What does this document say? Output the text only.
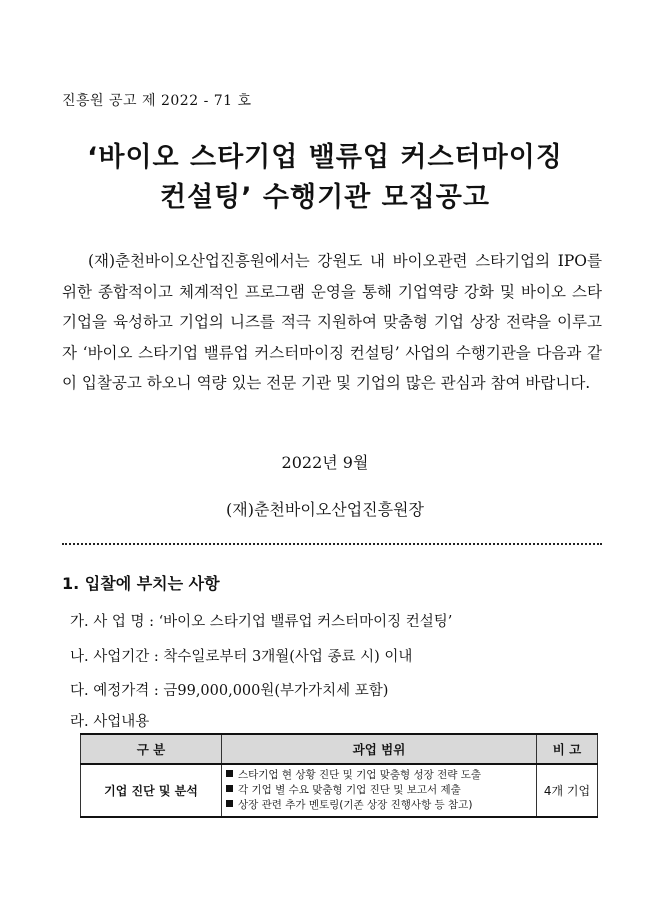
진흥원 공고 제 2022 - 71 호
‘바이오 스타기업 밸류업 커스터마이징
컨설팅’ 수행기관 모집공고
(재)춘천바이오산업진흥원에서는 강원도 내 바이오관련 스타기업의 IPO를 위한 종합적이고 체계적인 프로그램 운영을 통해 기업역량 강화 및 바이오 스타기업을 육성하고 기업의 니즈를 적극 지원하여 맞춤형 기업 상장 전략을 이루고자 ‘바이오 스타기업 밸류업 커스터마이징 컨설팅’ 사업의 수행기관을 다음과 같이 입찰공고 하오니 역량 있는 전문 기관 및 기업의 많은 관심과 참여 바랍니다.
2022년 9월
(재)춘천바이오산업진흥원장
1. 입찰에 부치는 사항
가. 사 업 명 : ‘바이오 스타기업 밸류업 커스터마이징 컨설팅’
나. 사업기간 : 착수일로부터 3개월(사업 종료 시) 이내
다. 예정가격 : 금99,000,000원(부가가치세 포함)
라. 사업내용
구 분	과업 범위	비 고
기업 진단 및 분석	스타기업 현 상황 진단 및 기업 맞춤형 성장 전략 도출
각 기업 별 수요 맞춤형 기업 진단 및 보고서 제출
상장 관련 추가 멘토링(기존 상장 진행사항 등 참고)	4개 기업
